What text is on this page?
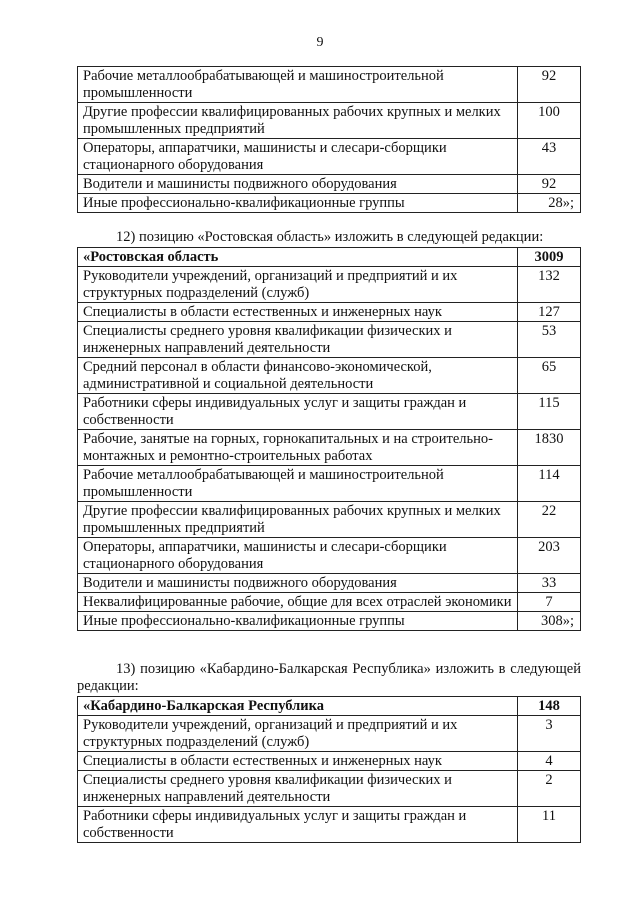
9
Рабочие металлообрабатывающей и машиностроительной промышленности	92
Другие профессии квалифицированных рабочих крупных и мелких промышленных предприятий	100
Операторы, аппаратчики, машинисты и слесари-сборщики стационарного оборудования	43
Водители и машинисты подвижного оборудования	92
Иные профессионально-квалификационные группы	28»;
12) позицию «Ростовская область» изложить в следующей редакции:
«Ростовская область	3009
Руководители учреждений, организаций и предприятий и их структурных подразделений (служб)	132
Специалисты в области естественных и инженерных наук	127
Специалисты среднего уровня квалификации физических и инженерных направлений деятельности	53
Средний персонал в области финансово-экономической, административной и социальной деятельности	65
Работники сферы индивидуальных услуг и защиты граждан и собственности	115
Рабочие, занятые на горных, горнокапитальных и на строительно-монтажных и ремонтно-строительных работах	1830
Рабочие металлообрабатывающей и машиностроительной промышленности	114
Другие профессии квалифицированных рабочих крупных и мелких промышленных предприятий	22
Операторы, аппаратчики, машинисты и слесари-сборщики стационарного оборудования	203
Водители и машинисты подвижного оборудования	33
Неквалифицированные рабочие, общие для всех отраслей экономики	7
Иные профессионально-квалификационные группы	308»;
13) позицию «Кабардино-Балкарская Республика» изложить в следующей редакции:
«Кабардино-Балкарская Республика	148
Руководители учреждений, организаций и предприятий и их структурных подразделений (служб)	3
Специалисты в области естественных и инженерных наук	4
Специалисты среднего уровня квалификации физических и инженерных направлений деятельности	2
Работники сферы индивидуальных услуг и защиты граждан и собственности	11
